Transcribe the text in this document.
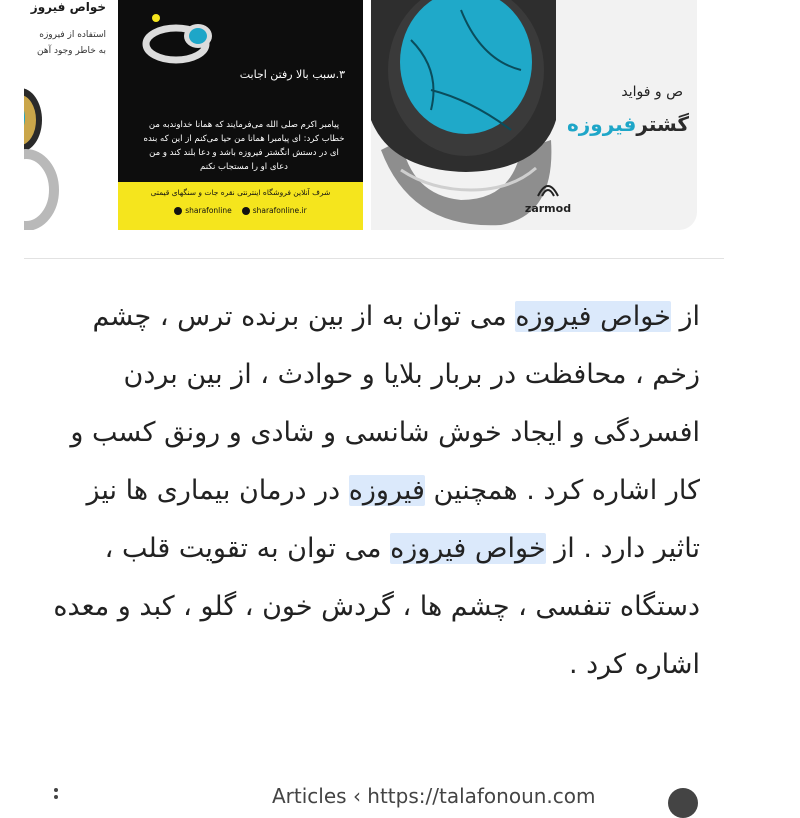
خواص فیروز
استفاده از فیروزه
به خاطر وجود آهن
۳.سبب بالا رفتن اجابت
پیامبر اکرم صلی الله می‌فرمایند که همانا خداوندبه من خطاب کرد: ای پیامبرا همانا من حیا می‌کنم از این که بنده ای در دستش انگشتر فیروزه باشد و دعا بلند کند و من دعای او را مستجاب نکنم
شرف آنلاین فروشگاه اینترنتی نقره جات و سنگهای قیمتی
sharafonline	sharafonline.ir
ص و فواید
گشترفیروزه
zarmod
از خواص فیروزه می توان به از بین برنده ترس ، چشم زخم ، محافظت در بربار بلایا و حوادث ، از بین بردن افسردگی و ایجاد خوش شانسی و شادی و رونق کسب و کار اشاره کرد . همچنین فیروزه در درمان بیماری ها نیز تاثیر دارد . از خواص فیروزه می توان به تقویت قلب ، دستگاه تنفسی ، چشم ها ، گردش خون ، گلو ، کبد و معده اشاره کرد .
Articles ‹ https://talafonoun.com
